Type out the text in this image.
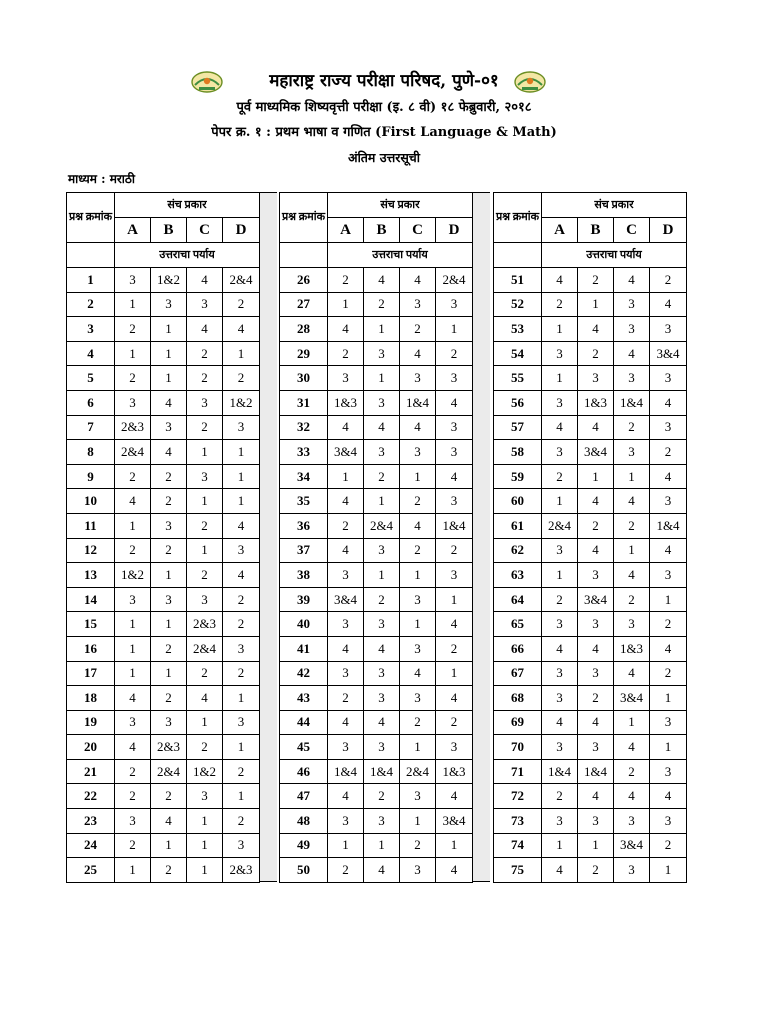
महाराष्ट्र राज्य परीक्षा परिषद, पुणे-०१
पूर्व माध्यमिक शिष्यवृत्ती परीक्षा (इ. ८ वी) १८ फेब्रुवारी, २०१८
पेपर क्र. १ : प्रथम भाषा व गणित (First Language & Math)
अंतिम उत्तरसूची
माध्यम : मराठी
प्रश्न क्रमांक	संच प्रकार			
	A	B	C	D
	उत्तराचा पर्याय			
1	3	1&2	4	2&4
2	1	3	3	2
3	2	1	4	4
4	1	1	2	1
5	2	1	2	2
6	3	4	3	1&2
7	2&3	3	2	3
8	2&4	4	1	1
9	2	2	3	1
10	4	2	1	1
11	1	3	2	4
12	2	2	1	3
13	1&2	1	2	4
14	3	3	3	2
15	1	1	2&3	2
16	1	2	2&4	3
17	1	1	2	2
18	4	2	4	1
19	3	3	1	3
20	4	2&3	2	1
21	2	2&4	1&2	2
22	2	2	3	1
23	3	4	1	2
24	2	1	1	3
25	1	2	1	2&3
प्रश्न क्रमांक	संच प्रकार			
	A	B	C	D
	उत्तराचा पर्याय			
26	2	4	4	2&4
27	1	2	3	3
28	4	1	2	1
29	2	3	4	2
30	3	1	3	3
31	1&3	3	1&4	4
32	4	4	4	3
33	3&4	3	3	3
34	1	2	1	4
35	4	1	2	3
36	2	2&4	4	1&4
37	4	3	2	2
38	3	1	1	3
39	3&4	2	3	1
40	3	3	1	4
41	4	4	3	2
42	3	3	4	1
43	2	3	3	4
44	4	4	2	2
45	3	3	1	3
46	1&4	1&4	2&4	1&3
47	4	2	3	4
48	3	3	1	3&4
49	1	1	2	1
50	2	4	3	4
प्रश्न क्रमांक	संच प्रकार			
	A	B	C	D
	उत्तराचा पर्याय			
51	4	2	4	2
52	2	1	3	4
53	1	4	3	3
54	3	2	4	3&4
55	1	3	3	3
56	3	1&3	1&4	4
57	4	4	2	3
58	3	3&4	3	2
59	2	1	1	4
60	1	4	4	3
61	2&4	2	2	1&4
62	3	4	1	4
63	1	3	4	3
64	2	3&4	2	1
65	3	3	3	2
66	4	4	1&3	4
67	3	3	4	2
68	3	2	3&4	1
69	4	4	1	3
70	3	3	4	1
71	1&4	1&4	2	3
72	2	4	4	4
73	3	3	3	3
74	1	1	3&4	2
75	4	2	3	1
